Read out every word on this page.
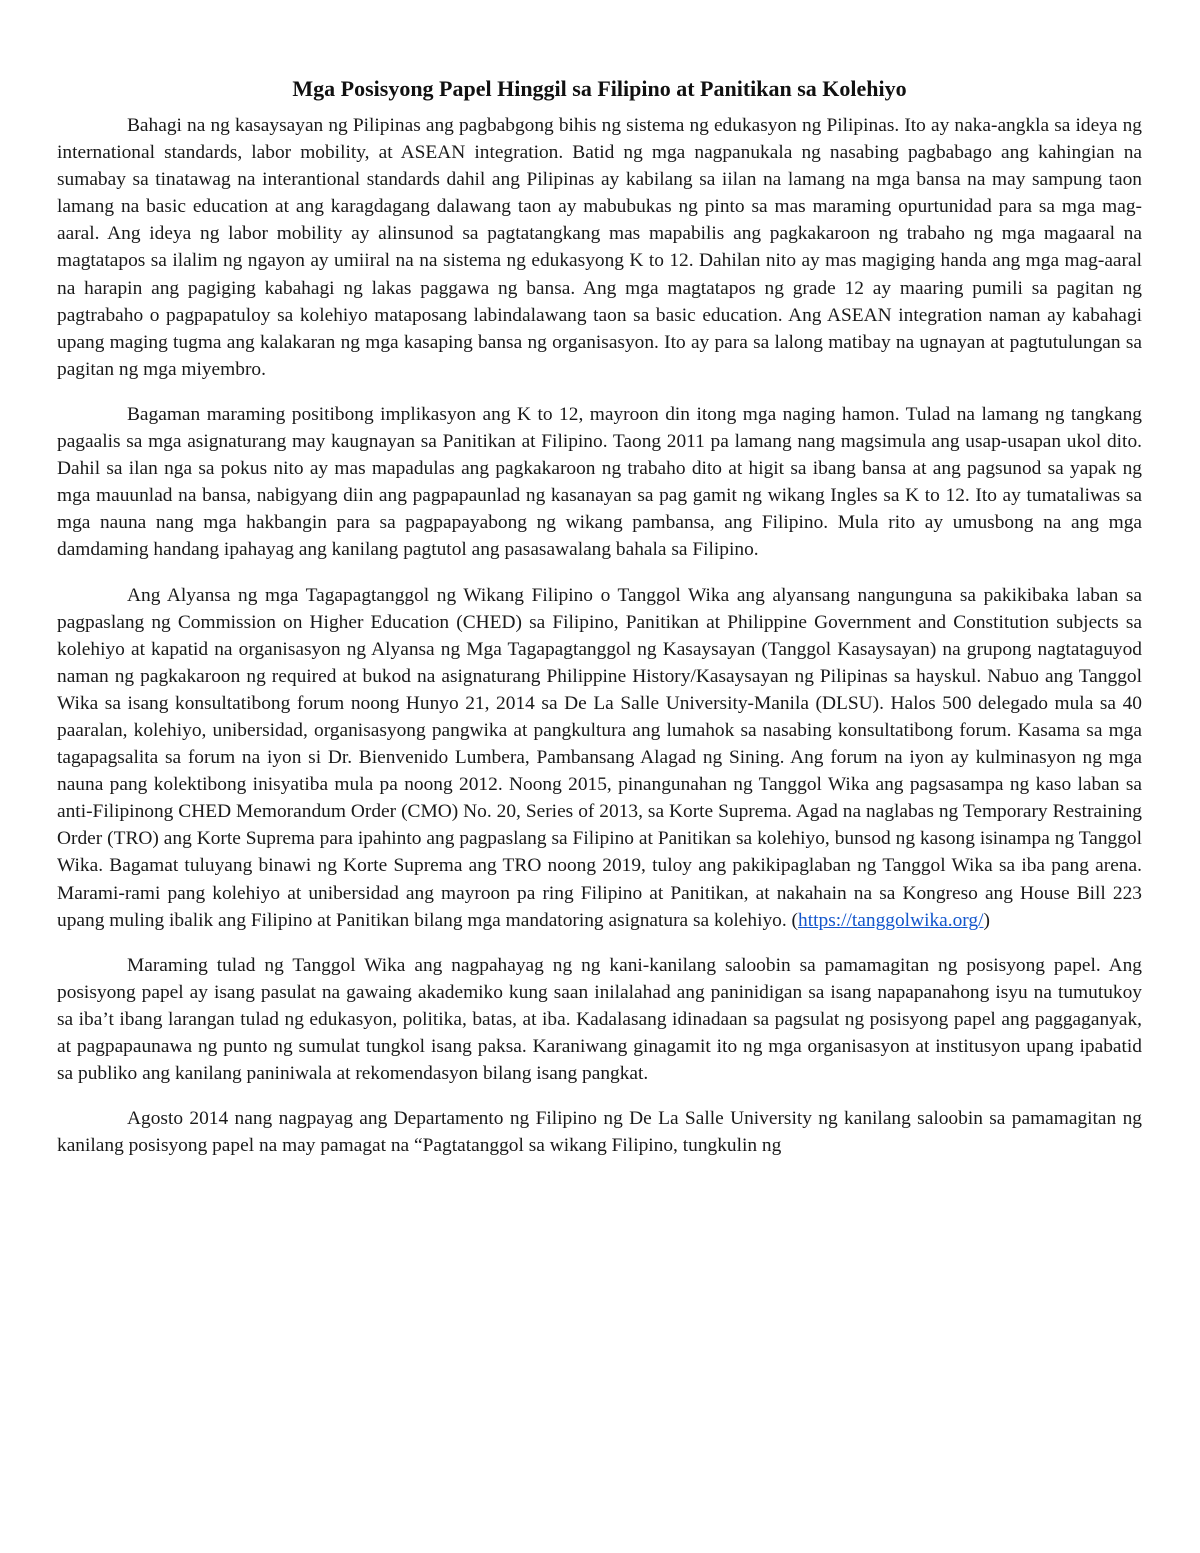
Mga Posisyong Papel Hinggil sa Filipino at Panitikan sa Kolehiyo

Bahagi na ng kasaysayan ng Pilipinas ang pagbabgong bihis ng sistema ng edukasyon ng Pilipinas. Ito ay naka-angkla sa ideya ng international standards, labor mobility, at ASEAN integration. Batid ng mga nagpanukala ng nasabing pagbabago ang kahingian na sumabay sa tinatawag na interantional standards dahil ang Pilipinas ay kabilang sa iilan na lamang na mga bansa na may sampung taon lamang na basic education at ang karagdagang dalawang taon ay mabubukas ng pinto sa mas maraming opurtunidad para sa mga mag-aaral. Ang ideya ng labor mobility ay alinsunod sa pagtatangkang mas mapabilis ang pagkakaroon ng trabaho ng mga magaaral na magtatapos sa ilalim ng ngayon ay umiiral na na sistema ng edukasyong K to 12. Dahilan nito ay mas magiging handa ang mga mag-aaral na harapin ang pagiging kabahagi ng lakas paggawa ng bansa. Ang mga magtatapos ng grade 12 ay maaring pumili sa pagitan ng pagtrabaho o pagpapatuloy sa kolehiyo mataposang labindalawang taon sa basic education. Ang ASEAN integration naman ay kabahagi upang maging tugma ang kalakaran ng mga kasaping bansa ng organisasyon. Ito ay para sa lalong matibay na ugnayan at pagtutulungan sa pagitan ng mga miyembro.

Bagaman maraming positibong implikasyon ang K to 12, mayroon din itong mga naging hamon. Tulad na lamang ng tangkang pagaalis sa mga asignaturang may kaugnayan sa Panitikan at Filipino. Taong 2011 pa lamang nang magsimula ang usap-usapan ukol dito. Dahil sa ilan nga sa pokus nito ay mas mapadulas ang pagkakaroon ng trabaho dito at higit sa ibang bansa at ang pagsunod sa yapak ng mga mauunlad na bansa, nabigyang diin ang pagpapaunlad ng kasanayan sa pag gamit ng wikang Ingles sa K to 12. Ito ay tumataliwas sa mga nauna nang mga hakbangin para sa pagpapayabong ng wikang pambansa, ang Filipino. Mula rito ay umusbong na ang mga damdaming handang ipahayag ang kanilang pagtutol ang pasasawalang bahala sa Filipino.

Ang Alyansa ng mga Tagapagtanggol ng Wikang Filipino o Tanggol Wika ang alyansang nangunguna sa pakikibaka laban sa pagpaslang ng Commission on Higher Education (CHED) sa Filipino, Panitikan at Philippine Government and Constitution subjects sa kolehiyo at kapatid na organisasyon ng Alyansa ng Mga Tagapagtanggol ng Kasaysayan (Tanggol Kasaysayan) na grupong nagtataguyod naman ng pagkakaroon ng required at bukod na asignaturang Philippine History/Kasaysayan ng Pilipinas sa hayskul. Nabuo ang Tanggol Wika sa isang konsultatibong forum noong Hunyo 21, 2014 sa De La Salle University-Manila (DLSU). Halos 500 delegado mula sa 40 paaralan, kolehiyo, unibersidad, organisasyong pangwika at pangkultura ang lumahok sa nasabing konsultatibong forum. Kasama sa mga tagapagsalita sa forum na iyon si Dr. Bienvenido Lumbera, Pambansang Alagad ng Sining. Ang forum na iyon ay kulminasyon ng mga nauna pang kolektibong inisyatiba mula pa noong 2012. Noong 2015, pinangunahan ng Tanggol Wika ang pagsasampa ng kaso laban sa anti-Filipinong CHED Memorandum Order (CMO) No. 20, Series of 2013, sa Korte Suprema. Agad na naglabas ng Temporary Restraining Order (TRO) ang Korte Suprema para ipahinto ang pagpaslang sa Filipino at Panitikan sa kolehiyo, bunsod ng kasong isinampa ng Tanggol Wika. Bagamat tuluyang binawi ng Korte Suprema ang TRO noong 2019, tuloy ang pakikipaglaban ng Tanggol Wika sa iba pang arena. Marami-rami pang kolehiyo at unibersidad ang mayroon pa ring Filipino at Panitikan, at nakahain na sa Kongreso ang House Bill 223 upang muling ibalik ang Filipino at Panitikan bilang mga mandatoring asignatura sa kolehiyo. (https://tanggolwika.org/)

Maraming tulad ng Tanggol Wika ang nagpahayag ng ng kani-kanilang saloobin sa pamamagitan ng posisyong papel. Ang posisyong papel ay isang pasulat na gawaing akademiko kung saan inilalahad ang paninidigan sa isang napapanahong isyu na tumutukoy sa iba’t ibang larangan tulad ng edukasyon, politika, batas, at iba. Kadalasang idinadaan sa pagsulat ng posisyong papel ang paggaganyak, at pagpapaunawa ng punto ng sumulat tungkol isang paksa. Karaniwang ginagamit ito ng mga organisasyon at institusyon upang ipabatid sa publiko ang kanilang paniniwala at rekomendasyon bilang isang pangkat.

Agosto 2014 nang nagpayag ang Departamento ng Filipino ng De La Salle University ng kanilang saloobin sa pamamagitan ng kanilang posisyong papel na may pamagat na “Pagtatanggol sa wikang Filipino, tungkulin ng
